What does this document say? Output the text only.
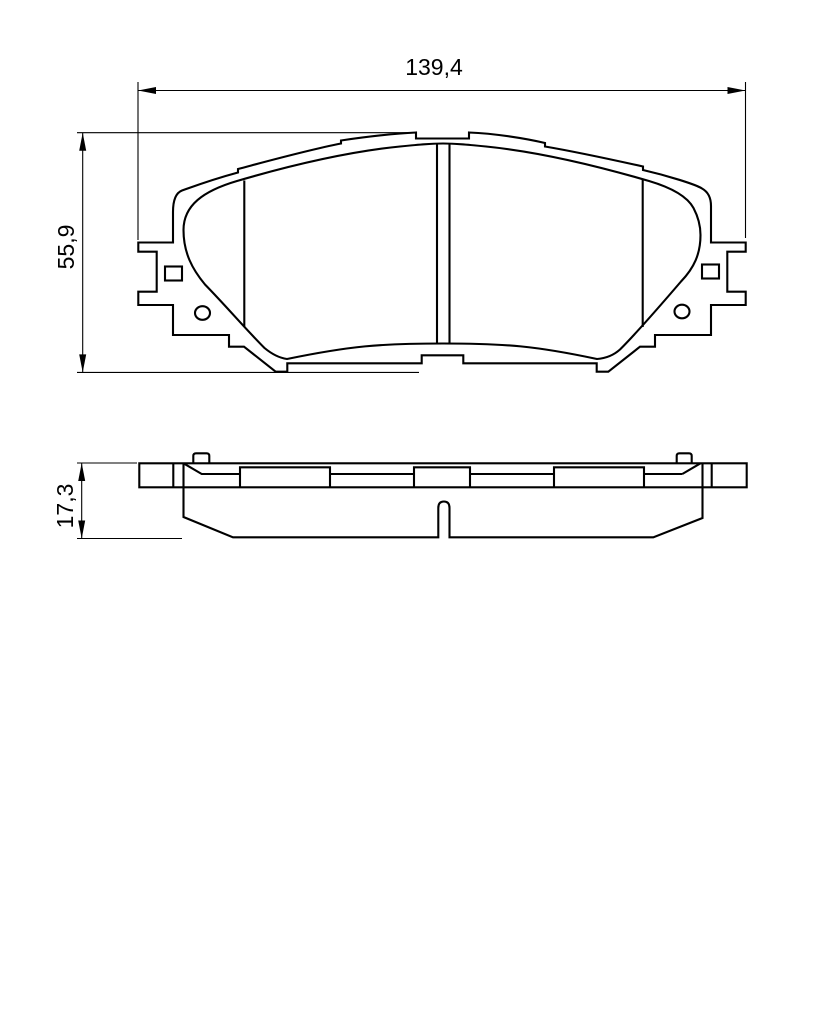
139,4
55,9
17,3
